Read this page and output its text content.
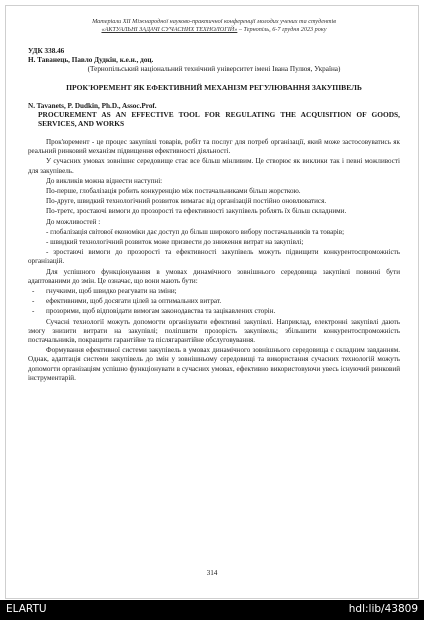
Матеріали ХІІ Міжнародної науково-практичної конференції молодих учених та студентів
«АКТУАЛЬНІ ЗАДАЧІ СУЧАСНИХ ТЕХНОЛОГІЙ» – Тернопіль, 6-7 грудня 2023 року
УДК 338.46
Н. Таванець, Павло Дудкін, к.е.н., доц.
(Тернопільський національний технічний університет імені Івана Пулюя, Україна)
ПРОК'ЮРЕМЕНТ ЯК ЕФЕКТИВНИЙ МЕХАНІЗМ РЕГУЛЮВАННЯ ЗАКУПІВЕЛЬ
N. Tavanets, P. Dudkin, Ph.D., Assoc.Prof.
PROCUREMENT AS AN EFFECTIVE TOOL FOR REGULATING THE ACQUISITION OF GOODS, SERVICES, AND WORKS

Прок'юремент - це процес закупівлі товарів, робіт та послуг для потреб організації, який може застосовуватись як реальний ринковий механізм підвищення ефективності діяльності.

У сучасних умовах зовнішнє середовище стає все більш мінливим. Це створює як виклики так і певні можливості для закупівель.

До викликів можна віднести наступні:

По-перше, глобалізація робить конкуренцію між постачальниками більш жорсткою.

По-друге, швидкий технологічний розвиток вимагає від організацій постійно оновлюватися.

По-третє, зростаючі вимоги до прозорості та ефективності закупівель роблять їх більш складними.

До можливостей :

- глобалізація світової економіки дає доступ до більш широкого вибору постачальників та товарів;

- швидкий технологічний розвиток може призвести до зниження витрат на закупівлі;

- зростаючі вимоги до прозорості та ефективності закупівель можуть підвищити конкурентоспроможність організацій.

Для успішного функціонування в умовах динамічного зовнішнього середовища закупівлі повинні бути адаптованими до змін. Це означає, що вони мають бути:

- гнучкими, щоб швидко реагувати на зміни;

- ефективними, щоб досягати цілей за оптимальних витрат.

- прозорими, щоб відповідати вимогам законодавства та зацікавлених сторін.

Сучасні технології можуть допомогти організувати ефективні закупівлі. Наприклад, електронні закупівлі дають змогу знизити витрати на закупівлі; поліпшити прозорість закупівель; збільшити конкурентоспроможність постачальників, покращити гарантійне та післягарантійне обслуговування.

Формування ефективної системи закупівель в умовах динамічного зовнішнього середовища є складним завданням. Однак, адаптація системи закупівель до змін у зовнішньому середовищі та використання сучасних технологій можуть допомогти організаціям успішно функціонувати в сучасних умовах, ефективно використовуючи увесь існуючий ринковий інструментарій.

314
ELARTU	hdl:lib/43809
